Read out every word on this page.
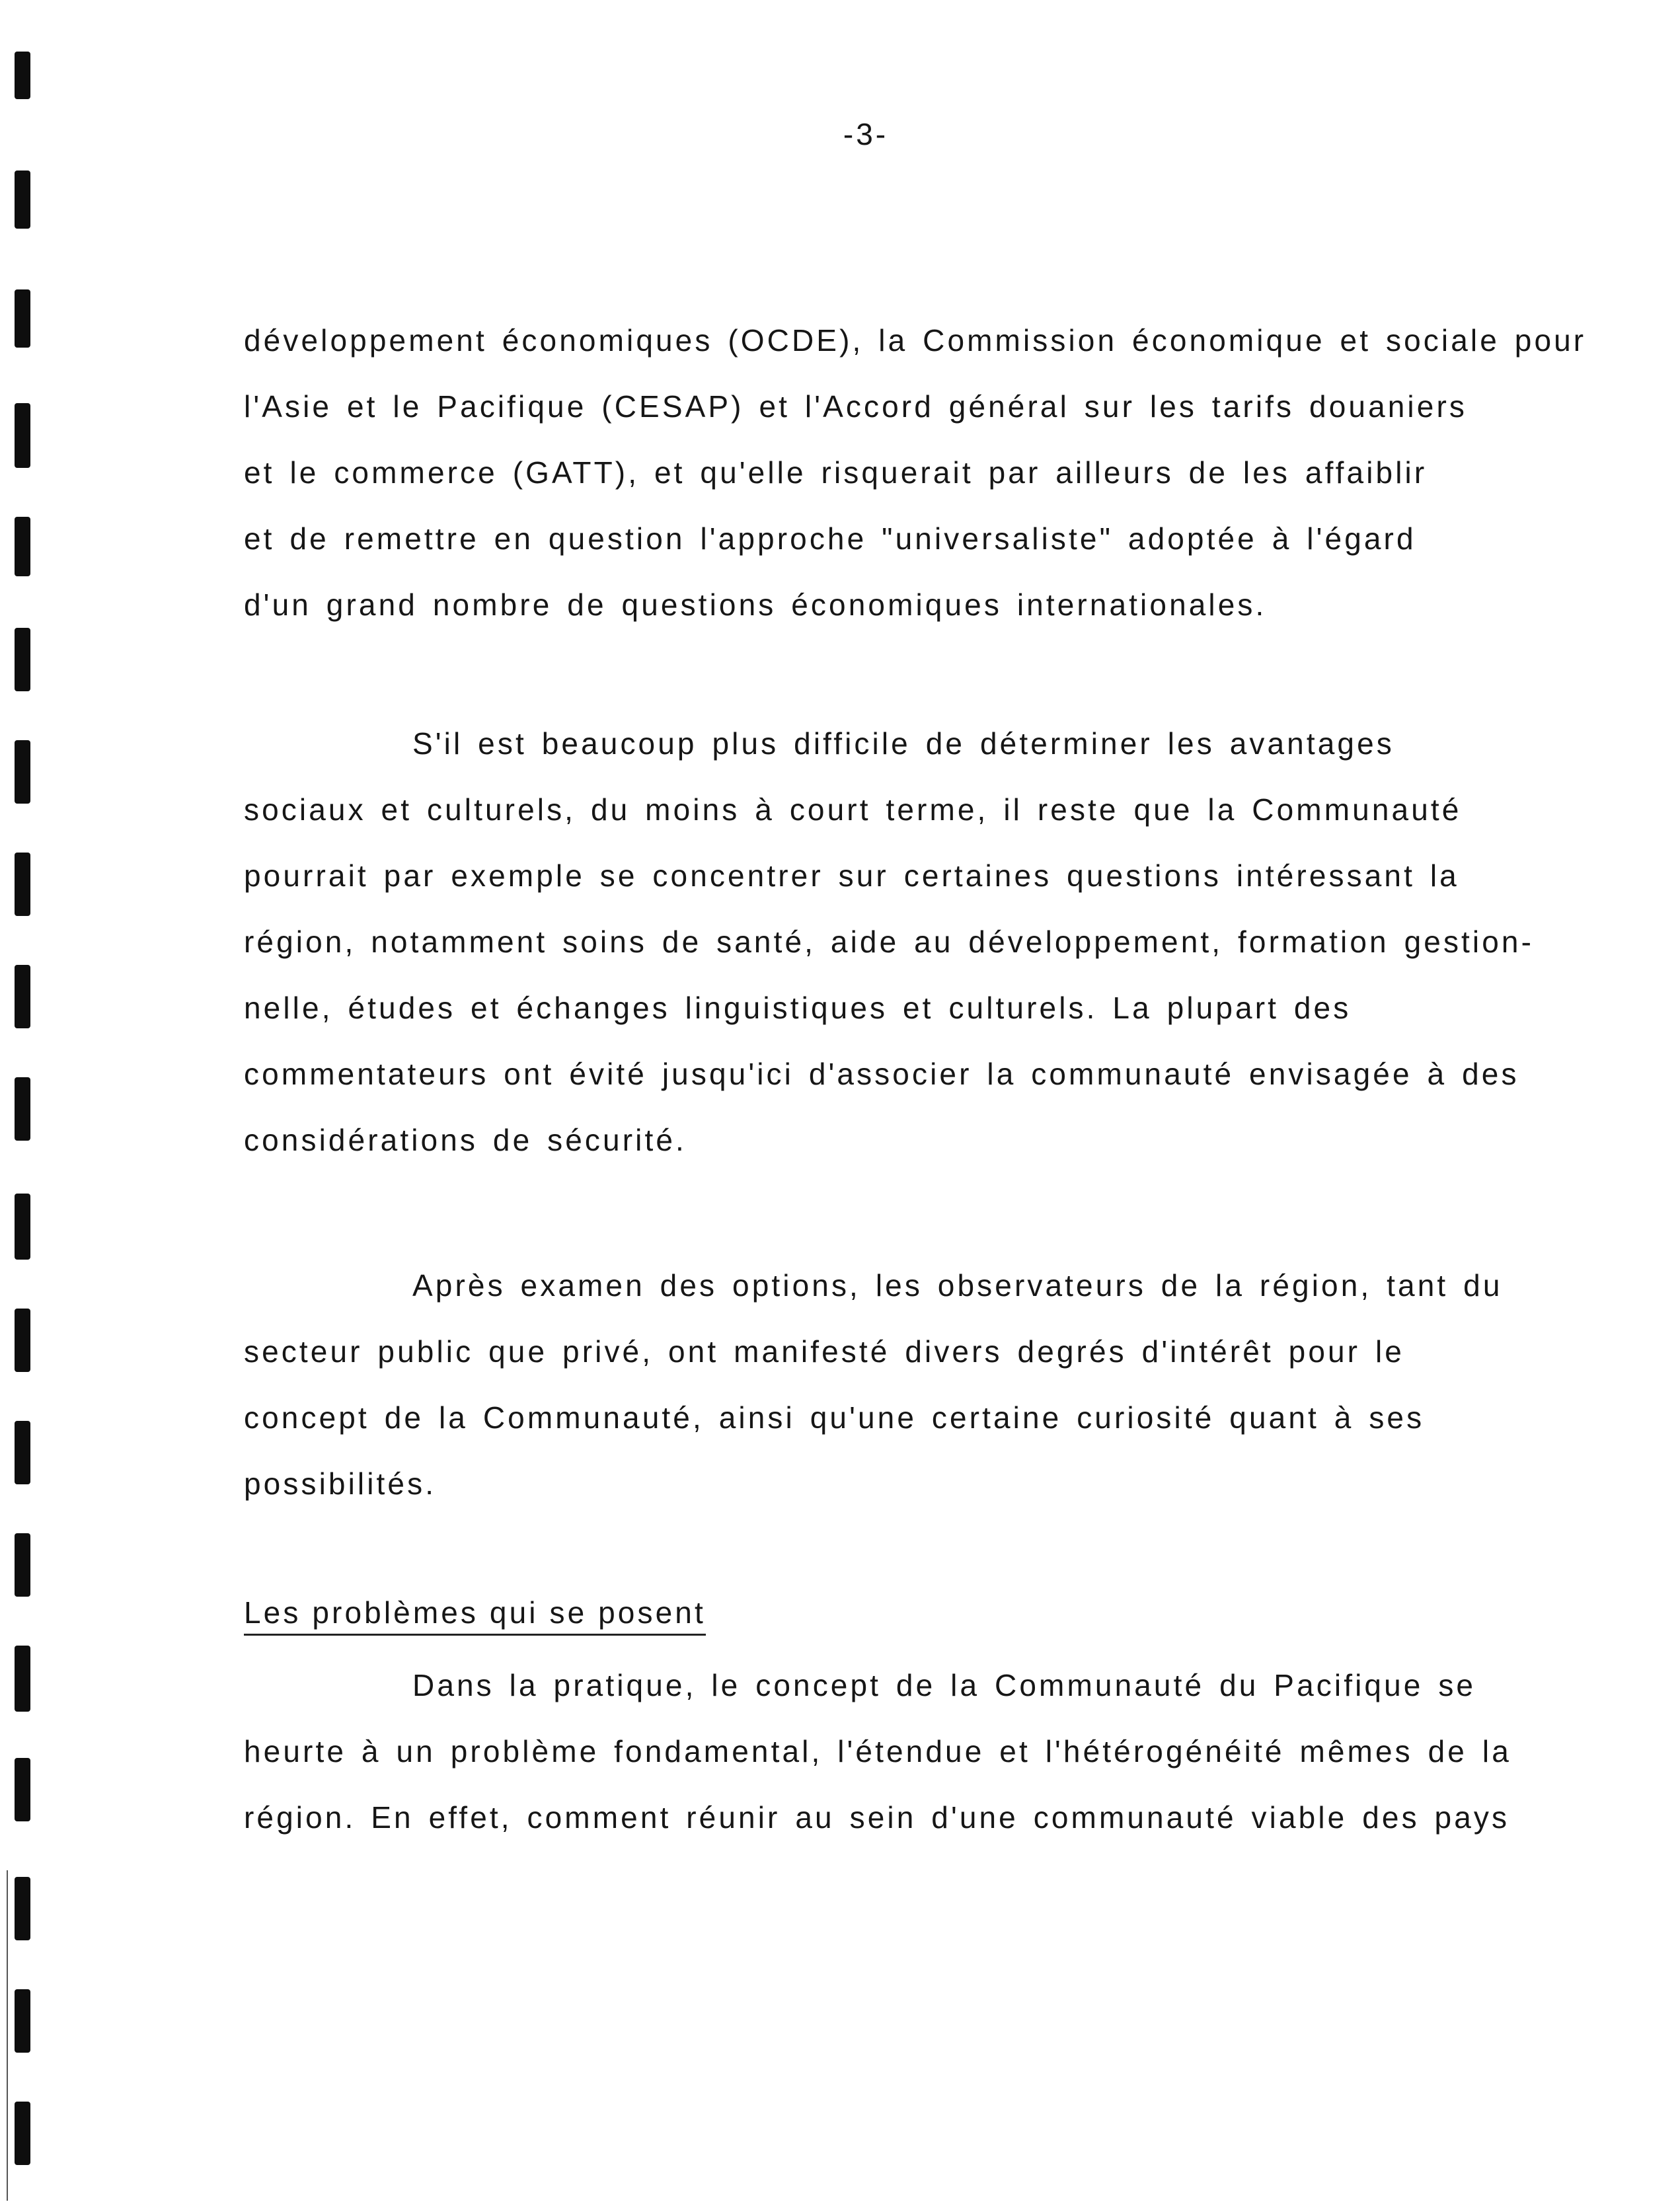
-3-
développement économiques (OCDE), la Commission économique et sociale pour
l'Asie et le Pacifique (CESAP) et l'Accord général sur les tarifs douaniers
et le commerce (GATT), et qu'elle risquerait par ailleurs de les affaiblir
et de remettre en question l'approche "universaliste" adoptée à l'égard
d'un grand nombre de questions économiques internationales.
S'il est beaucoup plus difficile de déterminer les avantages
sociaux et culturels, du moins à court terme, il reste que la Communauté
pourrait par exemple se concentrer sur certaines questions intéressant la
région, notamment soins de santé, aide au développement, formation gestion-
nelle, études et échanges linguistiques et culturels. La plupart des
commentateurs ont évité jusqu'ici d'associer la communauté envisagée à des
considérations de sécurité.
Après examen des options, les observateurs de la région, tant du
secteur public que privé, ont manifesté divers degrés d'intérêt pour le
concept de la Communauté, ainsi qu'une certaine curiosité quant à ses
possibilités.
Les problèmes qui se posent
Dans la pratique, le concept de la Communauté du Pacifique se
heurte à un problème fondamental, l'étendue et l'hétérogénéité mêmes de la
région. En effet, comment réunir au sein d'une communauté viable des pays
